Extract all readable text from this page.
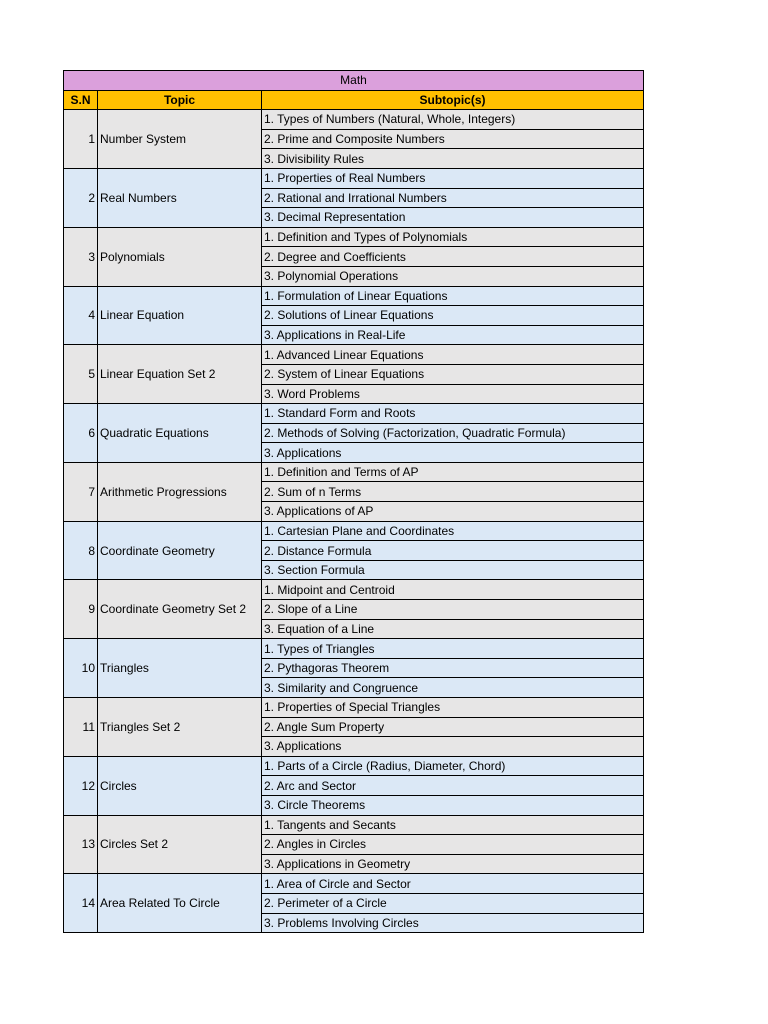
Math		
S.N	Topic	Subtopic(s)
1	Number System	1. Types of Numbers (Natural, Whole, Integers)
		2. Prime and Composite Numbers
		3. Divisibility Rules
2	Real Numbers	1. Properties of Real Numbers
		2. Rational and Irrational Numbers
		3. Decimal Representation
3	Polynomials	1. Definition and Types of Polynomials
		2. Degree and Coefficients
		3. Polynomial Operations
4	Linear Equation	1. Formulation of Linear Equations
		2. Solutions of Linear Equations
		3. Applications in Real-Life
5	Linear Equation Set 2	1. Advanced Linear Equations
		2. System of Linear Equations
		3. Word Problems
6	Quadratic Equations	1. Standard Form and Roots
		2. Methods of Solving (Factorization, Quadratic Formula)
		3. Applications
7	Arithmetic Progressions	1. Definition and Terms of AP
		2. Sum of n Terms
		3. Applications of AP
8	Coordinate Geometry	1. Cartesian Plane and Coordinates
		2. Distance Formula
		3. Section Formula
9	Coordinate Geometry Set 2	1. Midpoint and Centroid
		2. Slope of a Line
		3. Equation of a Line
10	Triangles	1. Types of Triangles
		2. Pythagoras Theorem
		3. Similarity and Congruence
11	Triangles Set 2	1. Properties of Special Triangles
		2. Angle Sum Property
		3. Applications
12	Circles	1. Parts of a Circle (Radius, Diameter, Chord)
		2. Arc and Sector
		3. Circle Theorems
13	Circles Set 2	1. Tangents and Secants
		2. Angles in Circles
		3. Applications in Geometry
14	Area Related To Circle	1. Area of Circle and Sector
		2. Perimeter of a Circle
		3. Problems Involving Circles
